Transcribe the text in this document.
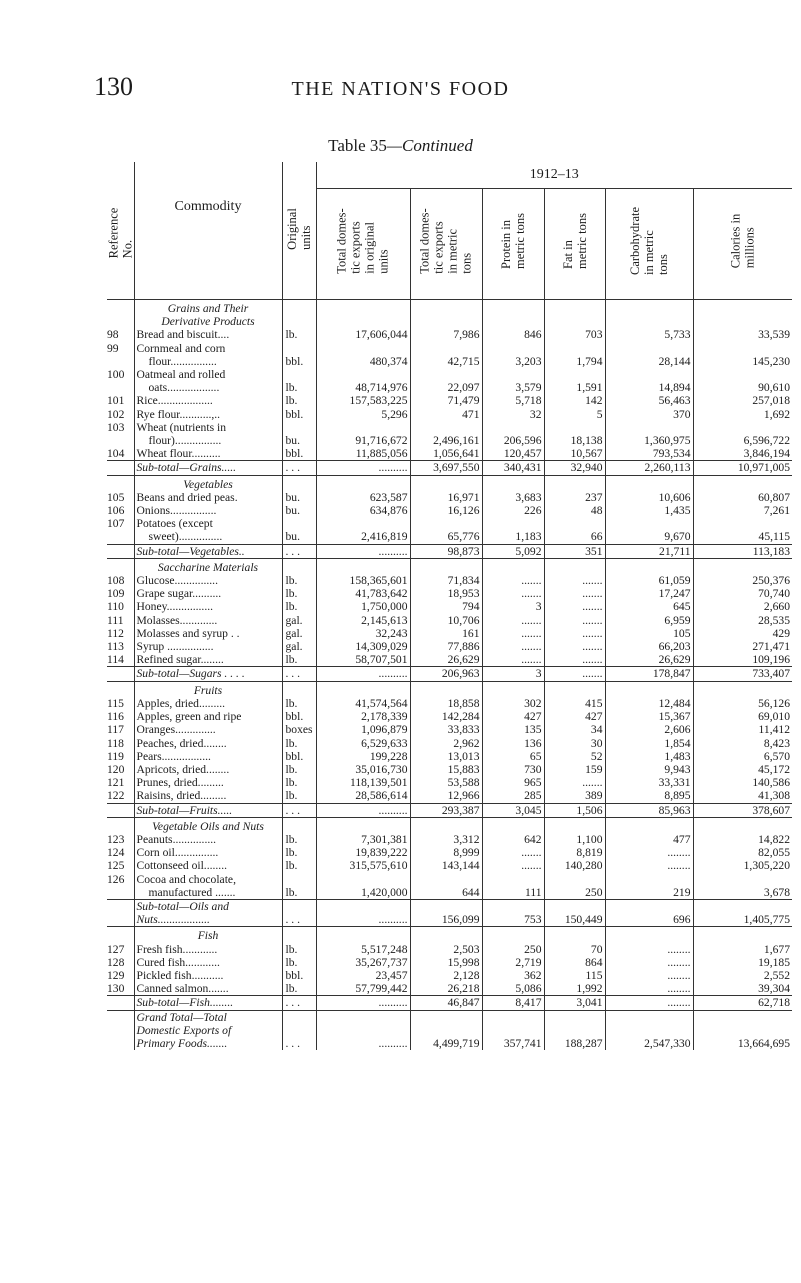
130	THE NATION'S FOOD
Table 35—Continued
Reference
No.	Commodity	Original
units	1912–13					

			Total domes-
tic exports
in original
units	Total domes-
tic exports
in metric
tons	Protein in
metric tons	Fat in
metric tons	Carbohydrate
in metric
tons	Calories in
millions

	Grains and Their
Derivative Products							

98	Bread and biscuit....	lb.	17,606,044	7,986	846	703	5,733	33,539

99	Cornmeal and corn
flour................	bbl.	480,374	42,715	3,203	1,794	28,144	145,230

100	Oatmeal and rolled
oats..................	lb.	48,714,976	22,097	3,579	1,591	14,894	90,610

101	Rice...................	lb.	157,583,225	71,479	5,718	142	56,463	257,018

102	Rye flour...........,..	bbl.	5,296	471	32	5	370	1,692

103	Wheat (nutrients in
flour)................	bu.	91,716,672	2,496,161	206,596	18,138	1,360,975	6,596,722

104	Wheat flour..........	bbl.	11,885,056	1,056,641	120,457	10,567	793,534	3,846,194

	Sub-total—Grains.....	. . .	..........	3,697,550	340,431	32,940	2,260,113	10,971,005

	Vegetables							

105	Beans and dried peas.	bu.	623,587	16,971	3,683	237	10,606	60,807

106	Onions................	bu.	634,876	16,126	226	48	1,435	7,261

107	Potatoes (except
sweet)...............	bu.	2,416,819	65,776	1,183	66	9,670	45,115

	Sub-total—Vegetables..	. . .	..........	98,873	5,092	351	21,711	113,183

	Saccharine Materials							

108	Glucose...............	lb.	158,365,601	71,834	.......	.......	61,059	250,376

109	Grape sugar..........	lb.	41,783,642	18,953	.......	.......	17,247	70,740

110	Honey................	lb.	1,750,000	794	3	.......	645	2,660

111	Molasses.............	gal.	2,145,613	10,706	.......	.......	6,959	28,535

112	Molasses and syrup . .	gal.	32,243	161	.......	.......	105	429

113	Syrup ................	gal.	14,309,029	77,886	.......	.......	66,203	271,471

114	Refined sugar........	lb.	58,707,501	26,629	.......	.......	26,629	109,196

	Sub-total—Sugars . . . .	. . .	..........	206,963	3	.......	178,847	733,407

	Fruits							

115	Apples, dried.........	lb.	41,574,564	18,858	302	415	12,484	56,126

116	Apples, green and ripe	bbl.	2,178,339	142,284	427	427	15,367	69,010

117	Oranges..............	boxes	1,096,879	33,833	135	34	2,606	11,412

118	Peaches, dried........	lb.	6,529,633	2,962	136	30	1,854	8,423

119	Pears.................	bbl.	199,228	13,013	65	52	1,483	6,570

120	Apricots, dried........	lb.	35,016,730	15,883	730	159	9,943	45,172

121	Prunes, dried.........	lb.	118,139,501	53,588	965	.......	33,331	140,586

122	Raisins, dried.........	lb.	28,586,614	12,966	285	389	8,895	41,308

	Sub-total—Fruits.....	. . .	..........	293,387	3,045	1,506	85,963	378,607

	Vegetable Oils and Nuts							

123	Peanuts...............	lb.	7,301,381	3,312	642	1,100	477	14,822

124	Corn oil...............	lb.	19,839,222	8,999	.......	8,819	........	82,055

125	Cottonseed oil........	lb.	315,575,610	143,144	.......	140,280	........	1,305,220

126	Cocoa and chocolate,
manufactured .......	lb.	1,420,000	644	111	250	219	3,678

	Sub-total—Oils and
Nuts..................	. . .	..........	156,099	753	150,449	696	1,405,775

	Fish							

127	Fresh fish............	lb.	5,517,248	2,503	250	70	........	1,677

128	Cured fish............	lb.	35,267,737	15,998	2,719	864	........	19,185

129	Pickled fish...........	bbl.	23,457	2,128	362	115	........	2,552

130	Canned salmon.......	lb.	57,799,442	26,218	5,086	1,992	........	39,304

	Sub-total—Fish........	. . .	..........	46,847	8,417	3,041	........	62,718

	Grand Total—Total
Domestic Exports of
Primary Foods.......	. . .	..........	4,499,719	357,741	188,287	2,547,330	13,664,695
